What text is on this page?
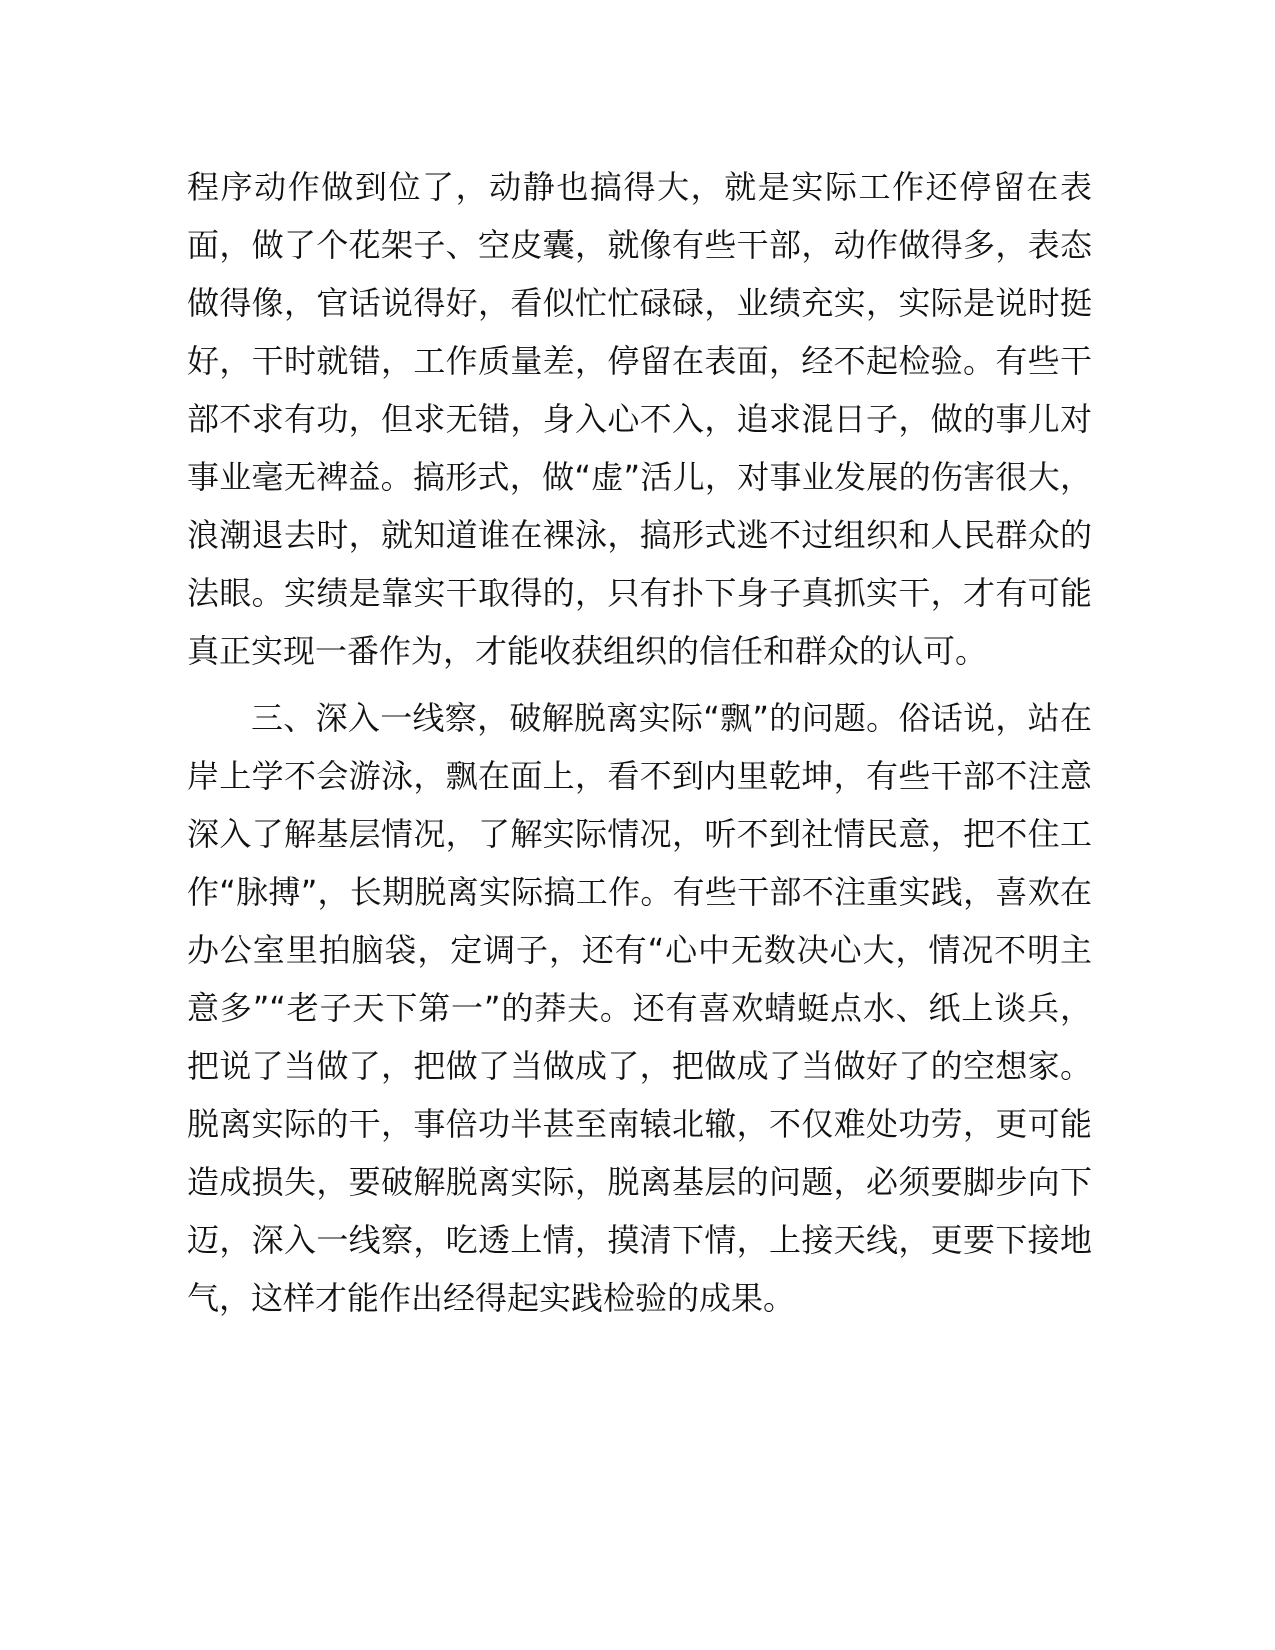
程序动作做到位了，动静也搞得大，就是实际工作还停留在表面，做了个花架子、空皮囊，就像有些干部，动作做得多，表态做得像，官话说得好，看似忙忙碌碌，业绩充实，实际是说时挺好，干时就错，工作质量差，停留在表面，经不起检验。有些干部不求有功，但求无错，身入心不入，追求混日子，做的事儿对事业毫无裨益。搞形式，做“虚”活儿，对事业发展的伤害很大，浪潮退去时，就知道谁在裸泳，搞形式逃不过组织和人民群众的法眼。实绩是靠实干取得的，只有扑下身子真抓实干，才有可能真正实现一番作为，才能收获组织的信任和群众的认可。

三、深入一线察，破解脱离实际“飘”的问题。俗话说，站在岸上学不会游泳，飘在面上，看不到内里乾坤，有些干部不注意深入了解基层情况，了解实际情况，听不到社情民意，把不住工作“脉搏”，长期脱离实际搞工作。有些干部不注重实践，喜欢在办公室里拍脑袋，定调子，还有“心中无数决心大，情况不明主意多”“老子天下第一”的莽夫。还有喜欢蜻蜓点水、纸上谈兵，把说了当做了，把做了当做成了，把做成了当做好了的空想家。脱离实际的干，事倍功半甚至南辕北辙，不仅难处功劳，更可能造成损失，要破解脱离实际，脱离基层的问题，必须要脚步向下迈，深入一线察，吃透上情，摸清下情，上接天线，更要下接地气，这样才能作出经得起实践检验的成果。
